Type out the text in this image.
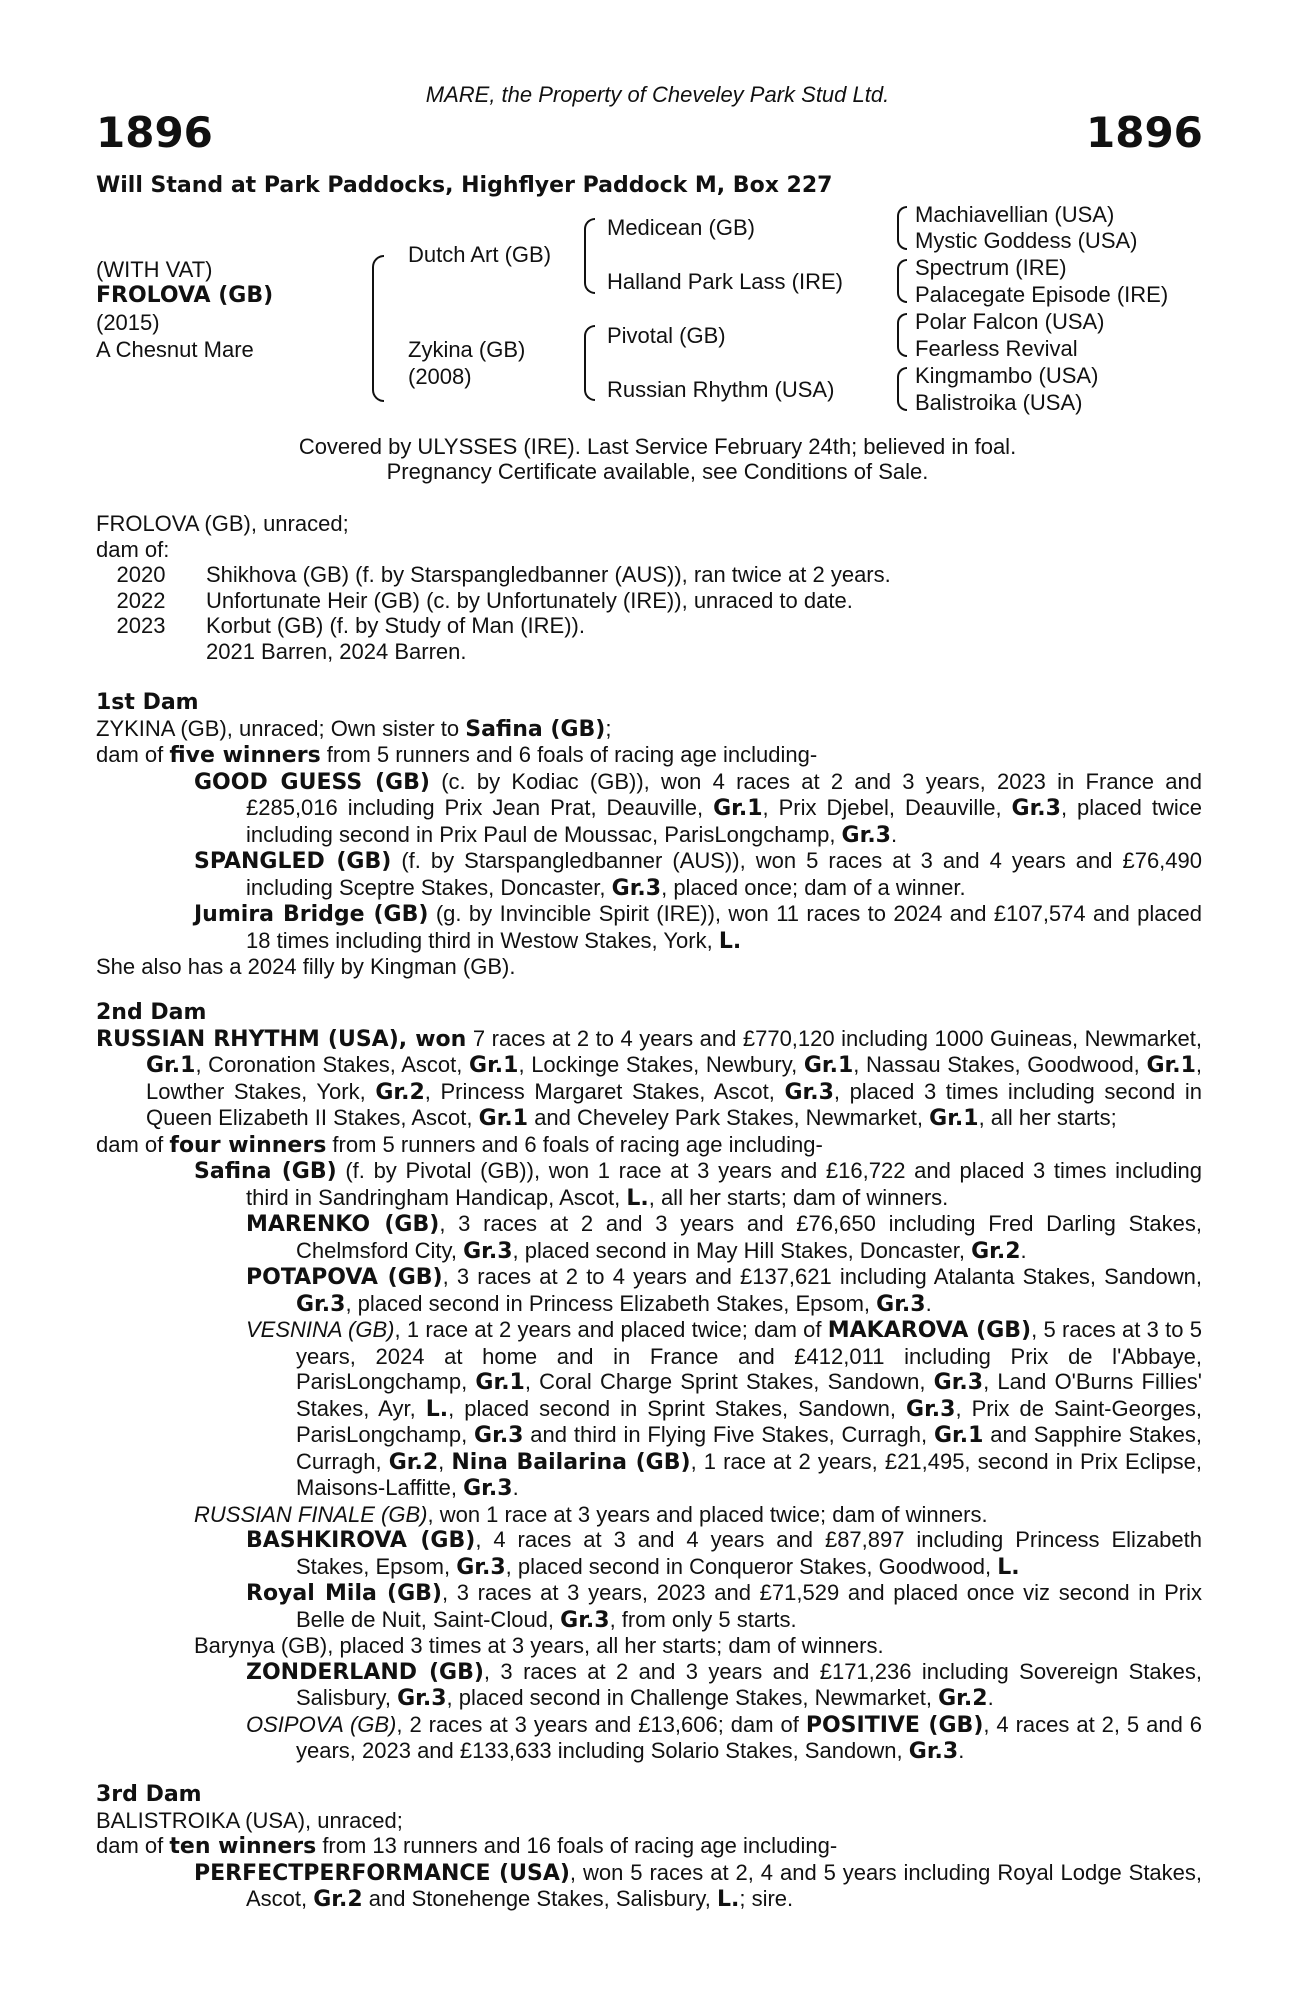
MARE, the Property of Cheveley Park Stud Ltd.
1896	1896
Will Stand at Park Paddocks, Highflyer Paddock M, Box 227
(WITH VAT)
FROLOVA (GB)
(2015)
A Chesnut Mare
Dutch Art (GB)
Zykina (GB)
(2008)
Medicean (GB)
Halland Park Lass (IRE)
Pivotal (GB)
Russian Rhythm (USA)
Machiavellian (USA)
Mystic Goddess (USA)
Spectrum (IRE)
Palacegate Episode (IRE)
Polar Falcon (USA)
Fearless Revival
Kingmambo (USA)
Balistroika (USA)
Covered by ULYSSES (IRE). Last Service February 24th; believed in foal.
Pregnancy Certificate available, see Conditions of Sale.

FROLOVA (GB), unraced;

dam of:

2020	Shikhova (GB) (f. by Starspangledbanner (AUS)), ran twice at 2 years.
2022	Unfortunate Heir (GB) (c. by Unfortunately (IRE)), unraced to date.
2023	Korbut (GB) (f. by Study of Man (IRE)).
2021 Barren, 2024 Barren.

1st Dam

ZYKINA (GB), unraced; Own sister to Safina (GB);

dam of five winners from 5 runners and 6 foals of racing age including-

GOOD GUESS (GB) (c. by Kodiac (GB)), won 4 races at 2 and 3 years, 2023 in France and £285,016 including Prix Jean Prat, Deauville, Gr.1, Prix Djebel, Deauville, Gr.3, placed twice including second in Prix Paul de Moussac, ParisLongchamp, Gr.3.

SPANGLED (GB) (f. by Starspangledbanner (AUS)), won 5 races at 3 and 4 years and £76,490 including Sceptre Stakes, Doncaster, Gr.3, placed once; dam of a winner.

Jumira Bridge (GB) (g. by Invincible Spirit (IRE)), won 11 races to 2024 and £107,574 and placed 18 times including third in Westow Stakes, York, L.

She also has a 2024 filly by Kingman (GB).

2nd Dam

RUSSIAN RHYTHM (USA), won 7 races at 2 to 4 years and £770,120 including 1000 Guineas, Newmarket, Gr.1, Coronation Stakes, Ascot, Gr.1, Lockinge Stakes, Newbury, Gr.1, Nassau Stakes, Goodwood, Gr.1, Lowther Stakes, York, Gr.2, Princess Margaret Stakes, Ascot, Gr.3, placed 3 times including second in Queen Elizabeth II Stakes, Ascot, Gr.1 and Cheveley Park Stakes, Newmarket, Gr.1, all her starts;

dam of four winners from 5 runners and 6 foals of racing age including-

Safina (GB) (f. by Pivotal (GB)), won 1 race at 3 years and £16,722 and placed 3 times including third in Sandringham Handicap, Ascot, L., all her starts; dam of winners.

MARENKO (GB), 3 races at 2 and 3 years and £76,650 including Fred Darling Stakes, Chelmsford City, Gr.3, placed second in May Hill Stakes, Doncaster, Gr.2.

POTAPOVA (GB), 3 races at 2 to 4 years and £137,621 including Atalanta Stakes, Sandown, Gr.3, placed second in Princess Elizabeth Stakes, Epsom, Gr.3.

VESNINA (GB), 1 race at 2 years and placed twice; dam of MAKAROVA (GB), 5 races at 3 to 5 years, 2024 at home and in France and £412,011 including Prix de l'Abbaye, ParisLongchamp, Gr.1, Coral Charge Sprint Stakes, Sandown, Gr.3, Land O'Burns Fillies' Stakes, Ayr, L., placed second in Sprint Stakes, Sandown, Gr.3, Prix de Saint-Georges, ParisLongchamp, Gr.3 and third in Flying Five Stakes, Curragh, Gr.1 and Sapphire Stakes, Curragh, Gr.2, Nina Bailarina (GB), 1 race at 2 years, £21,495, second in Prix Eclipse, Maisons-Laffitte, Gr.3.

RUSSIAN FINALE (GB), won 1 race at 3 years and placed twice; dam of winners.

BASHKIROVA (GB), 4 races at 3 and 4 years and £87,897 including Princess Elizabeth Stakes, Epsom, Gr.3, placed second in Conqueror Stakes, Goodwood, L.

Royal Mila (GB), 3 races at 3 years, 2023 and £71,529 and placed once viz second in Prix Belle de Nuit, Saint-Cloud, Gr.3, from only 5 starts.

Barynya (GB), placed 3 times at 3 years, all her starts; dam of winners.

ZONDERLAND (GB), 3 races at 2 and 3 years and £171,236 including Sovereign Stakes, Salisbury, Gr.3, placed second in Challenge Stakes, Newmarket, Gr.2.

OSIPOVA (GB), 2 races at 3 years and £13,606; dam of POSITIVE (GB), 4 races at 2, 5 and 6 years, 2023 and £133,633 including Solario Stakes, Sandown, Gr.3.

3rd Dam

BALISTROIKA (USA), unraced;

dam of ten winners from 13 runners and 16 foals of racing age including-

PERFECTPERFORMANCE (USA), won 5 races at 2, 4 and 5 years including Royal Lodge Stakes, Ascot, Gr.2 and Stonehenge Stakes, Salisbury, L.; sire.
